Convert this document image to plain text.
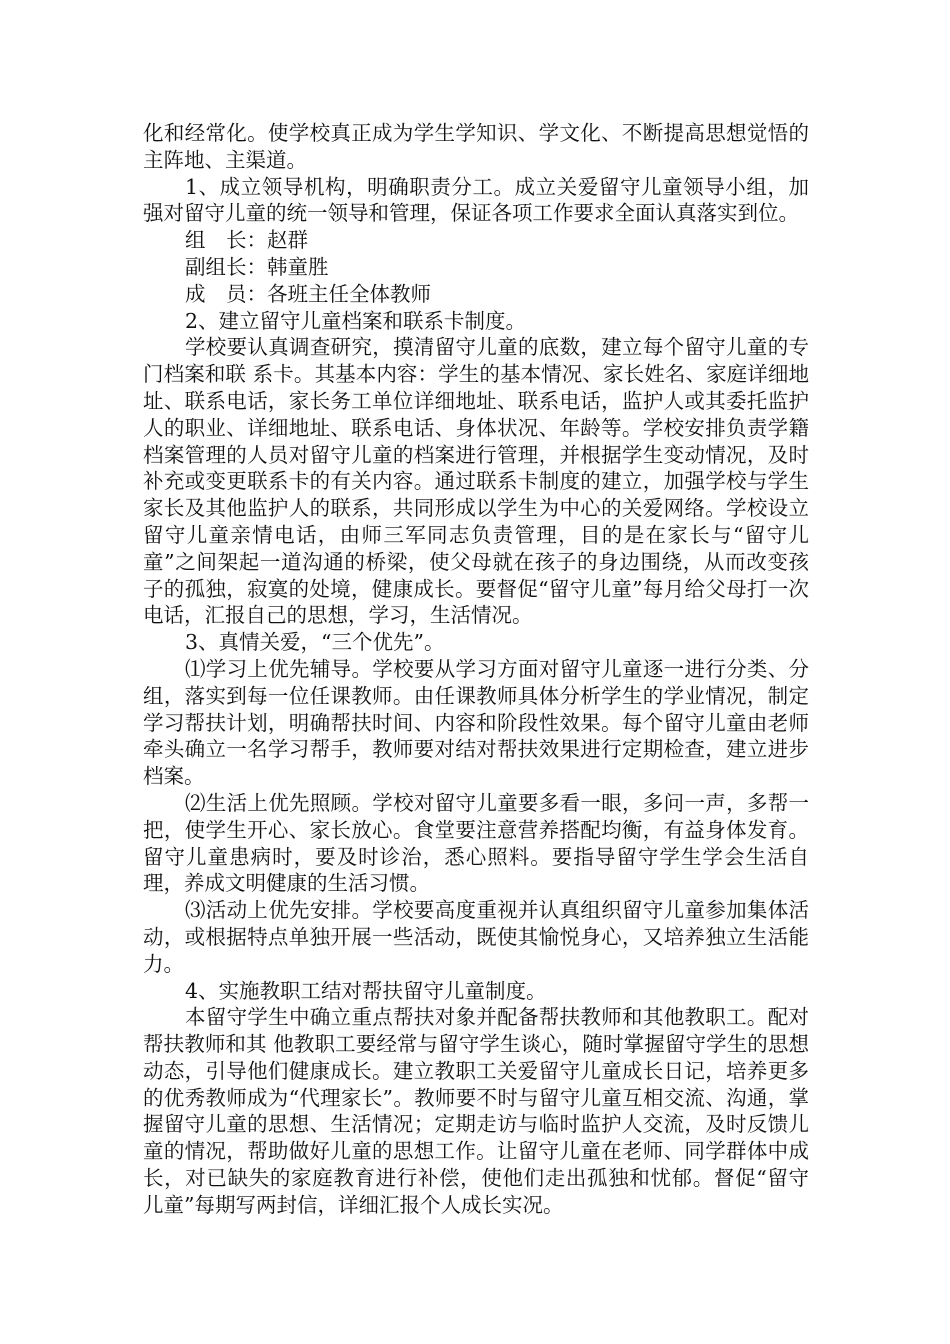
化和经常化。使学校真正成为学生学知识、学文化、不断提高思想觉悟的主阵地、主渠道。

1、成立领导机构，明确职责分工。成立关爱留守儿童领导小组，加强对留守儿童的统一领导和管理，保证各项工作要求全面认真落实到位。

组　长：赵群

副组长：韩童胜

成　员：各班主任全体教师

2、建立留守儿童档案和联系卡制度。

学校要认真调查研究，摸清留守儿童的底数，建立每个留守儿童的专门档案和联 系卡。其基本内容：学生的基本情况、家长姓名、家庭详细地址、联系电话，家长务工单位详细地址、联系电话，监护人或其委托监护人的职业、详细地址、联系电话、身体状况、年龄等。学校安排负责学籍档案管理的人员对留守儿童的档案进行管理，并根据学生变动情况，及时补充或变更联系卡的有关内容。通过联系卡制度的建立，加强学校与学生家长及其他监护人的联系，共同形成以学生为中心的关爱网络。学校设立留守儿童亲情电话，由师三军同志负责管理，目的是在家长与“留守儿童”之间架起一道沟通的桥梁，使父母就在孩子的身边围绕，从而改变孩子的孤独，寂寞的处境，健康成长。要督促“留守儿童”每月给父母打一次电话，汇报自己的思想，学习，生活情况。

3、真情关爱，“三个优先”。

⑴学习上优先辅导。学校要从学习方面对留守儿童逐一进行分类、分组，落实到每一位任课教师。由任课教师具体分析学生的学业情况，制定学习帮扶计划，明确帮扶时间、内容和阶段性效果。每个留守儿童由老师牵头确立一名学习帮手，教师要对结对帮扶效果进行定期检查，建立进步档案。

⑵生活上优先照顾。学校对留守儿童要多看一眼，多问一声，多帮一把，使学生开心、家长放心。食堂要注意营养搭配均衡，有益身体发育。留守儿童患病时，要及时诊治，悉心照料。要指导留守学生学会生活自理，养成文明健康的生活习惯。

⑶活动上优先安排。学校要高度重视并认真组织留守儿童参加集体活动，或根据特点单独开展一些活动，既使其愉悦身心，又培养独立生活能力。

4、实施教职工结对帮扶留守儿童制度。

本留守学生中确立重点帮扶对象并配备帮扶教师和其他教职工。配对帮扶教师和其 他教职工要经常与留守学生谈心，随时掌握留守学生的思想动态，引导他们健康成长。建立教职工关爱留守儿童成长日记，培养更多的优秀教师成为“代理家长”。教师要不时与留守儿童互相交流、沟通，掌握留守儿童的思想、生活情况；定期走访与临时监护人交流，及时反馈儿童的情况，帮助做好儿童的思想工作。让留守儿童在老师、同学群体中成长，对已缺失的家庭教育进行补偿，使他们走出孤独和忧郁。督促“留守儿童”每期写两封信，详细汇报个人成长实况。
